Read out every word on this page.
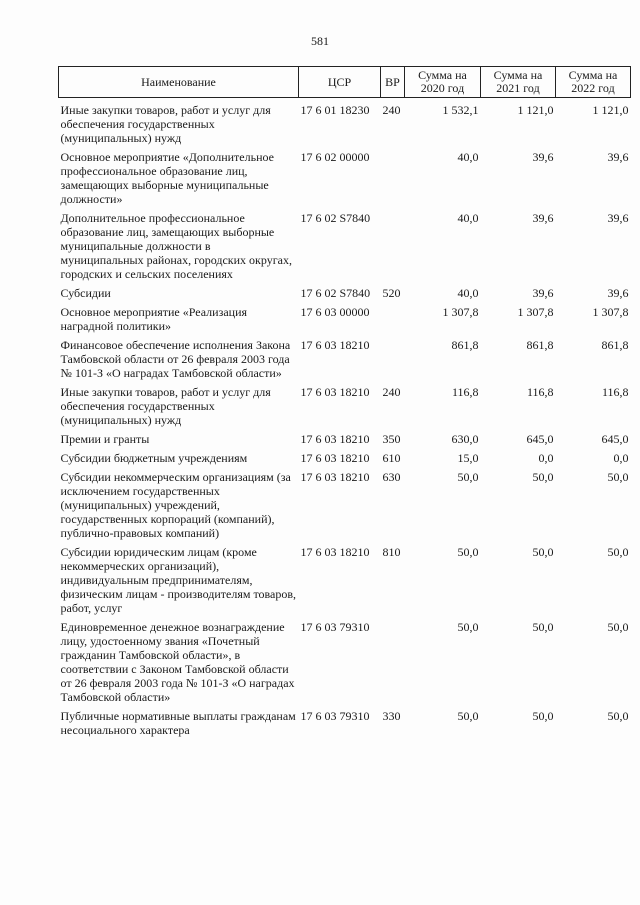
581
Наименование	ЦСР	ВР	Сумма на 2020 год	Сумма на 2021 год	Сумма на 2022 год
Иные закупки товаров, работ и услуг для обеспечения государственных (муниципальных) нужд	17 6 01 18230	240	1 532,1	1 121,0	1 121,0
Основное мероприятие «Дополнительное профессиональное образование лиц, замещающих выборные муниципальные должности»	17 6 02 00000		40,0	39,6	39,6
Дополнительное профессиональное образование лиц, замещающих выборные муниципальные должности в муниципальных районах, городских округах, городских и сельских поселениях	17 6 02 S7840		40,0	39,6	39,6
Субсидии	17 6 02 S7840	520	40,0	39,6	39,6
Основное мероприятие «Реализация наградной политики»	17 6 03 00000		1 307,8	1 307,8	1 307,8
Финансовое обеспечение исполнения Закона Тамбовской области от 26 февраля 2003 года № 101-З «О наградах Тамбовской области»	17 6 03 18210		861,8	861,8	861,8
Иные закупки товаров, работ и услуг для обеспечения государственных (муниципальных) нужд	17 6 03 18210	240	116,8	116,8	116,8
Премии и гранты	17 6 03 18210	350	630,0	645,0	645,0
Субсидии бюджетным учреждениям	17 6 03 18210	610	15,0	0,0	0,0
Субсидии некоммерческим организациям (за исключением государственных (муниципальных) учреждений, государственных корпораций (компаний), публично-правовых компаний)	17 6 03 18210	630	50,0	50,0	50,0
Субсидии юридическим лицам (кроме некоммерческих организаций), индивидуальным предпринимателям, физическим лицам - производителям товаров, работ, услуг	17 6 03 18210	810	50,0	50,0	50,0
Единовременное денежное вознаграждение лицу, удостоенному звания «Почетный гражданин Тамбовской области», в соответствии с Законом Тамбовской области от 26 февраля 2003 года № 101-З «О наградах Тамбовской области»	17 6 03 79310		50,0	50,0	50,0
Публичные нормативные выплаты гражданам несоциального характера	17 6 03 79310	330	50,0	50,0	50,0
